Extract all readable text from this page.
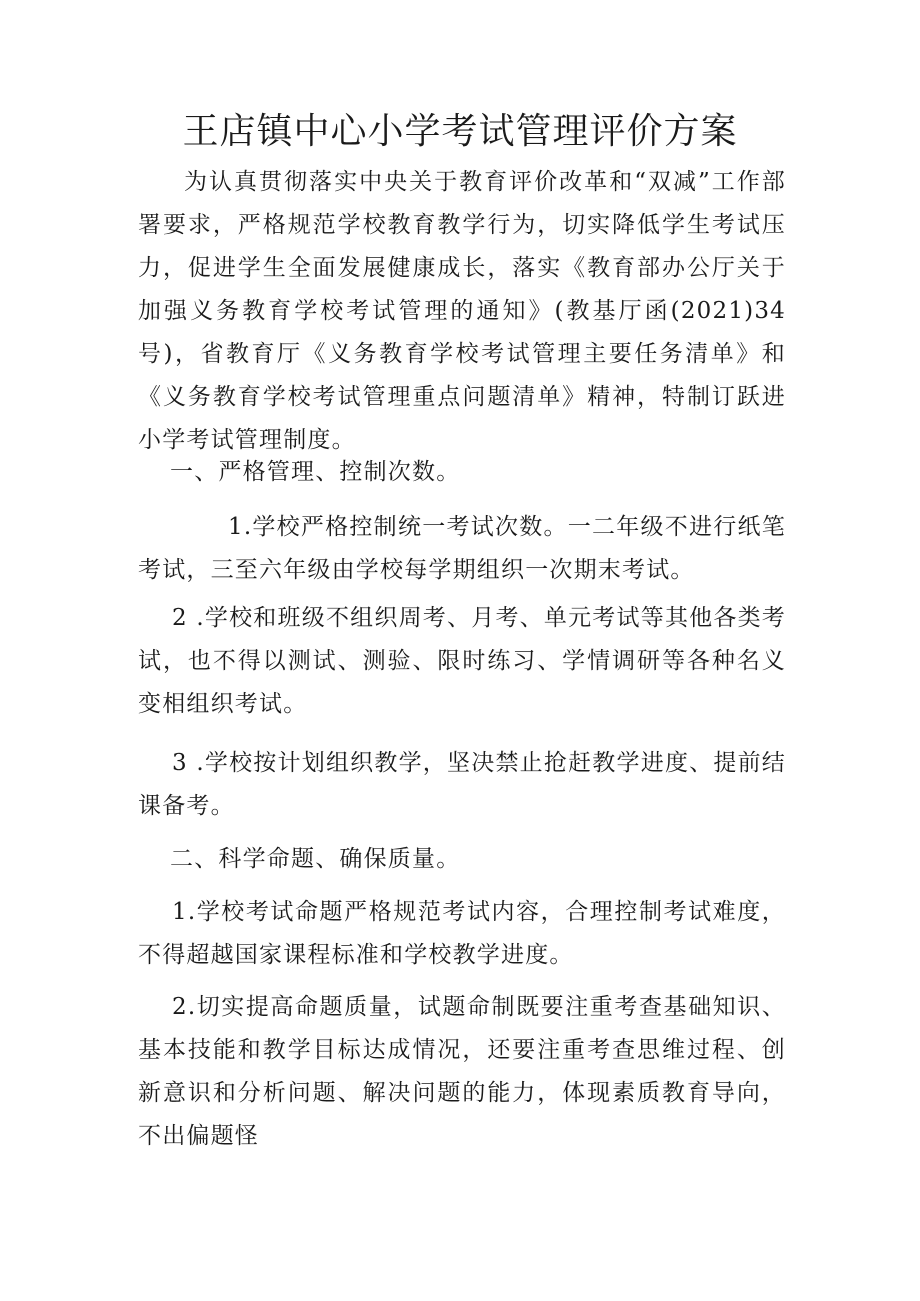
王店镇中心小学考试管理评价方案

为认真贯彻落实中央关于教育评价改革和“双减”工作部署要求，严格规范学校教育教学行为，切实降低学生考试压力，促进学生全面发展健康成长，落实《教育部办公厅关于加强义务教育学校考试管理的通知》(教基厅函(2021)34号)，省教育厅《义务教育学校考试管理主要任务清单》和《义务教育学校考试管理重点问题清单》精神，特制订跃进小学考试管理制度。

一、严格管理、控制次数。

1.学校严格控制统一考试次数。一二年级不进行纸笔考试，三至六年级由学校每学期组织一次期末考试。

2 .学校和班级不组织周考、月考、单元考试等其他各类考试，也不得以测试、测验、限时练习、学情调研等各种名义变相组织考试。

3 .学校按计划组织教学，坚决禁止抢赶教学进度、提前结课备考。

二、科学命题、确保质量。

1.学校考试命题严格规范考试内容，合理控制考试难度，不得超越国家课程标准和学校教学进度。

2.切实提高命题质量，试题命制既要注重考查基础知识、基本技能和教学目标达成情况，还要注重考查思维过程、创新意识和分析问题、解决问题的能力，体现素质教育导向，不出偏题怪
